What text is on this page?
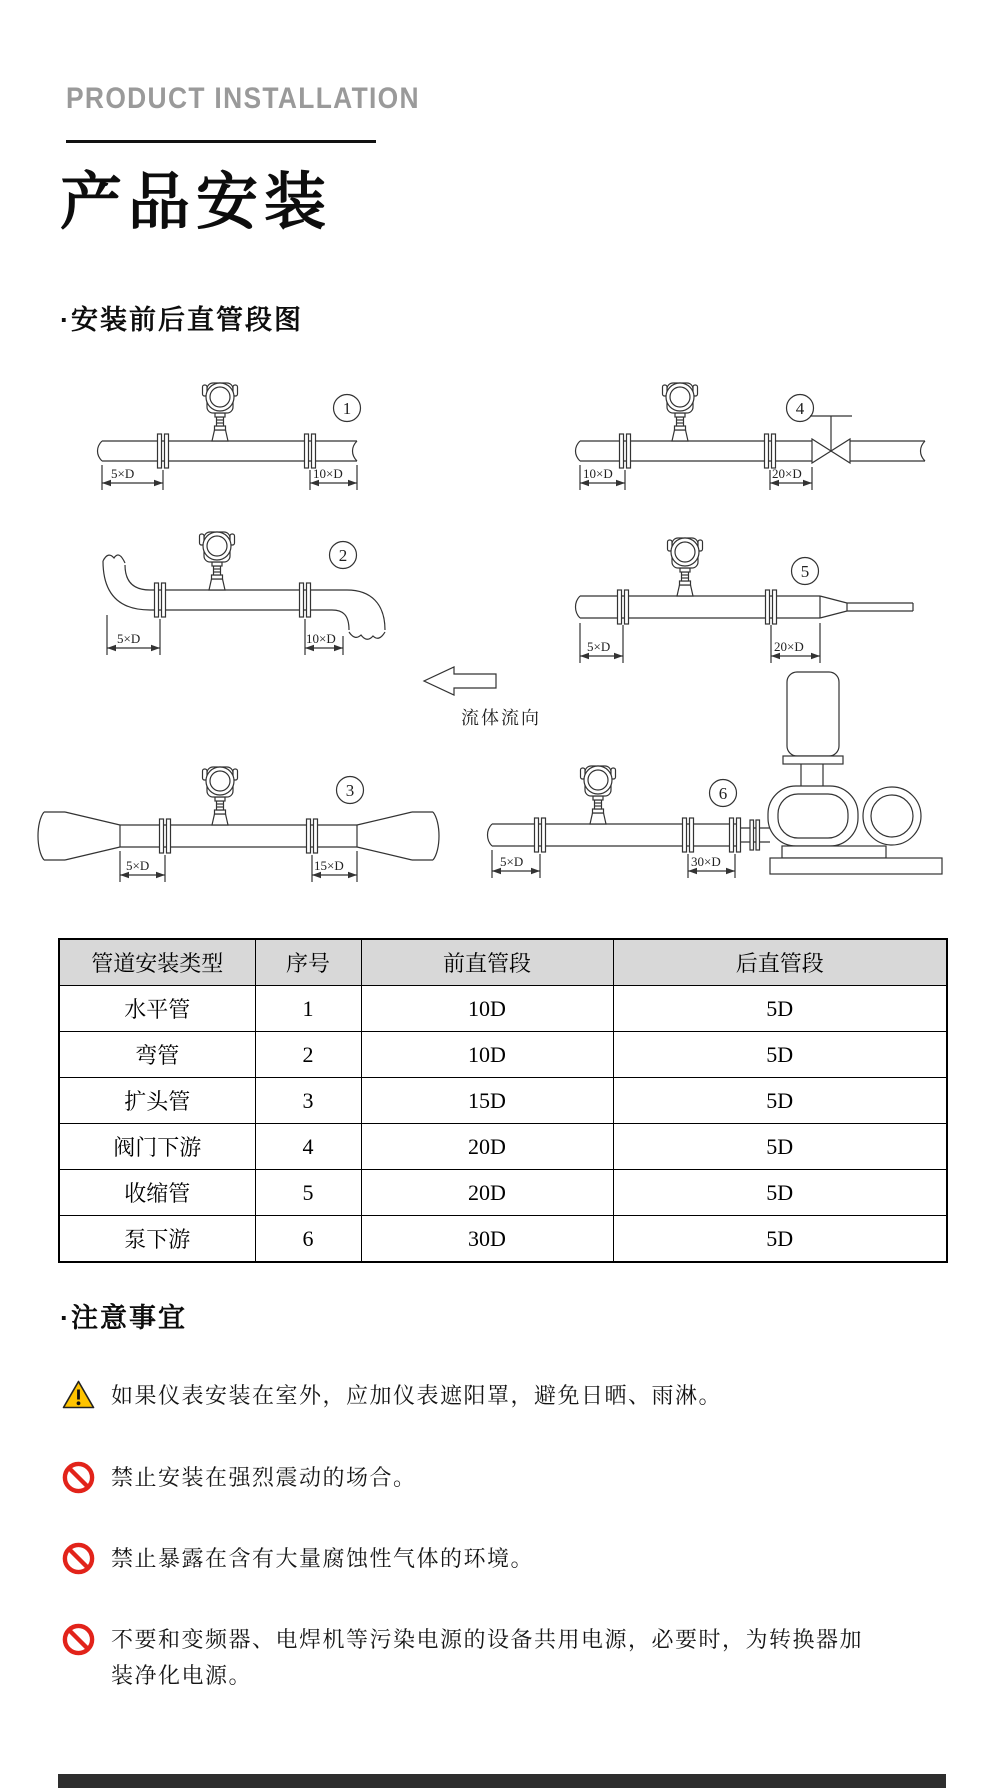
PRODUCT INSTALLATION
产品安装
·安装前后直管段图
5×D	10×D
1
10×D	20×D
4
5×D	10×D
2
5×D	20×D
5
流体流向
5×D	15×D
3
5×D	30×D
6
管道安装类型	序号	前直管段	后直管段
水平管	1	10D	5D
弯管	2	10D	5D
扩头管	3	15D	5D
阀门下游	4	20D	5D
收缩管	5	20D	5D
泵下游	6	30D	5D
·注意事宜
如果仪表安装在室外，应加仪表遮阳罩，避免日晒、雨淋。
禁止安装在强烈震动的场合。
禁止暴露在含有大量腐蚀性气体的环境。
不要和变频器、电焊机等污染电源的设备共用电源，必要时，为转换器加装净化电源。
